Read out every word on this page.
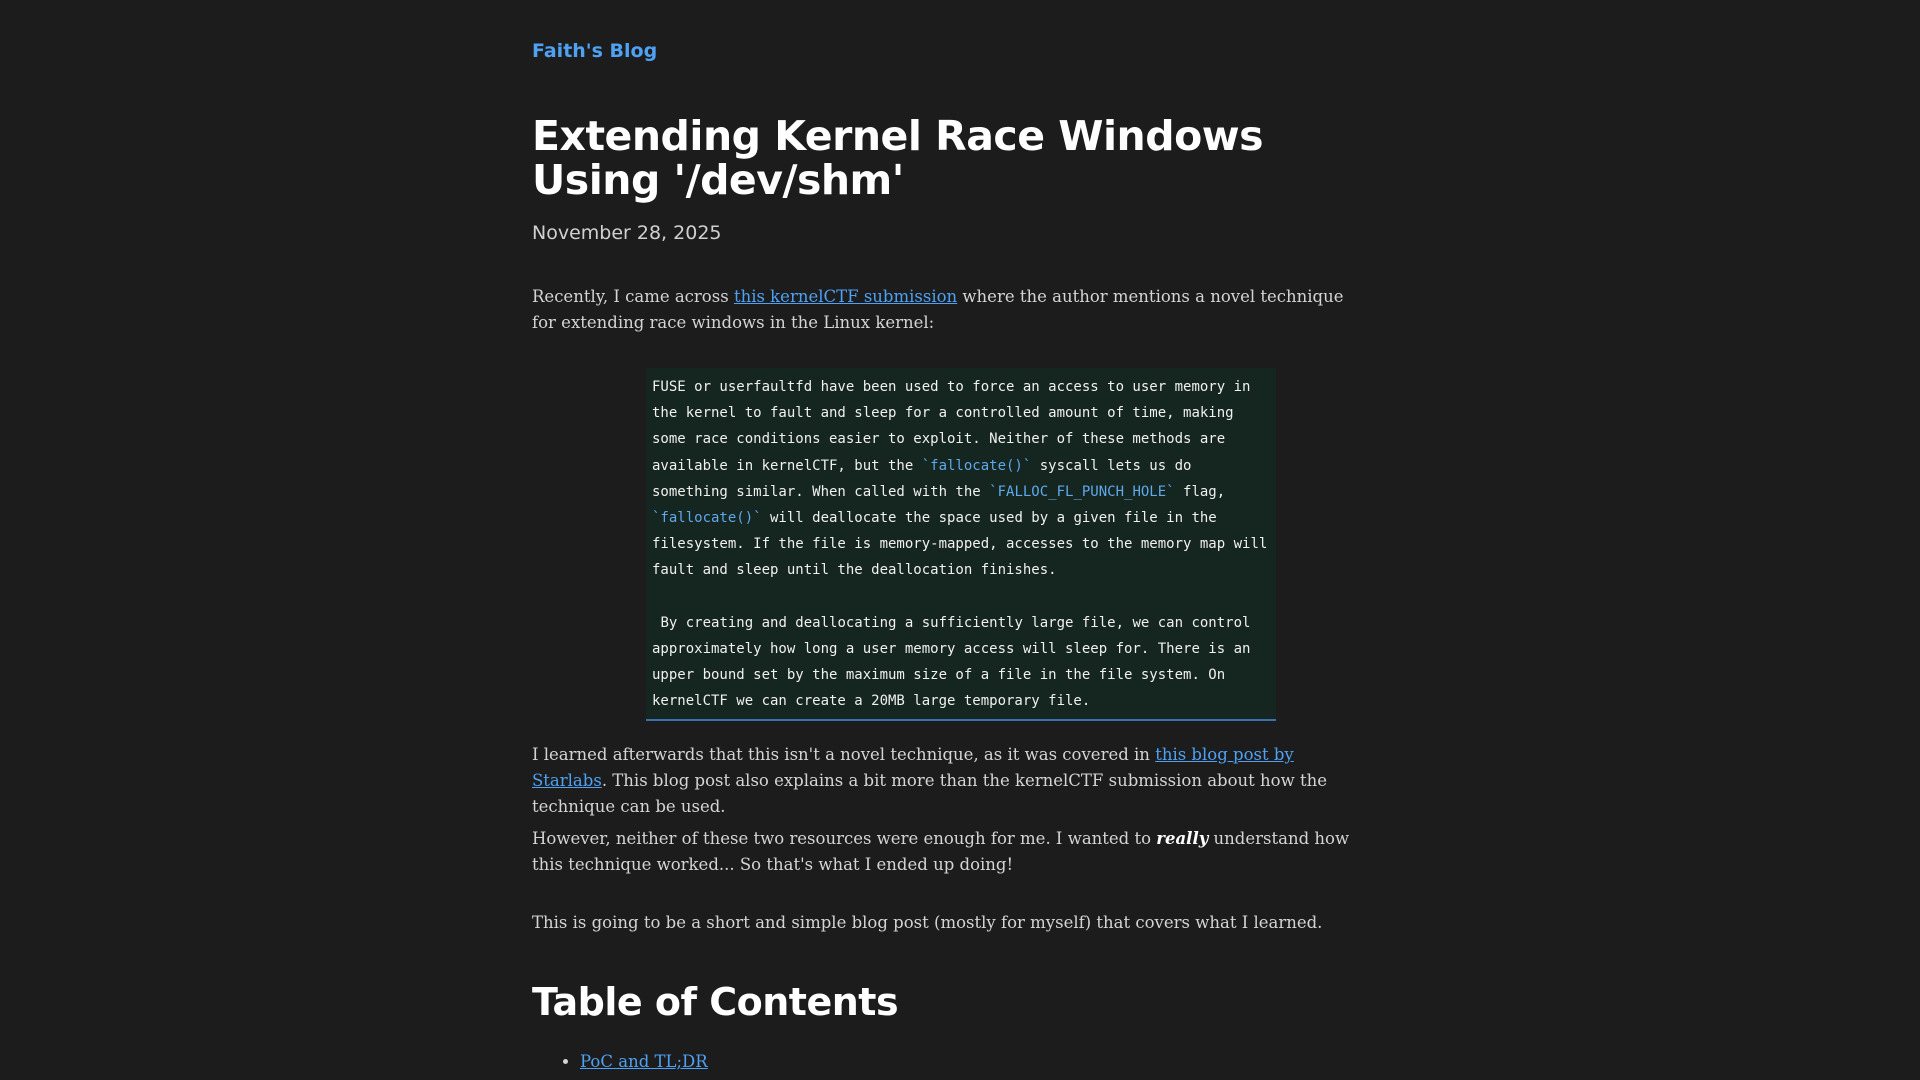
Faith's Blog
Extending Kernel Race Windows Using '/dev/shm'
November 28, 2025

Recently, I came across this kernelCTF submission where the author mentions a novel technique for extending race windows in the Linux kernel:

FUSE or userfaultfd have been used to force an access to user memory in the kernel to fault and sleep for a controlled amount of time, making some race conditions easier to exploit. Neither of these methods are available in kernelCTF, but the `fallocate()` syscall lets us do something similar. When called with the `FALLOC_FL_PUNCH_HOLE` flag,
`fallocate()` will deallocate the space used by a given file in the filesystem. If the file is memory-mapped, accesses to the memory map will fault and sleep until the deallocation finishes.

By creating and deallocating a sufficiently large file, we can control approximately how long a user memory access will sleep for. There is an upper bound set by the maximum size of a file in the file system. On kernelCTF we can create a 20MB large temporary file.

I learned afterwards that this isn't a novel technique, as it was covered in this blog post by Starlabs. This blog post also explains a bit more than the kernelCTF submission about how the technique can be used.

However, neither of these two resources were enough for me. I wanted to really understand how this technique worked... So that's what I ended up doing!

This is going to be a short and simple blog post (mostly for myself) that covers what I learned.

Table of Contents
• PoC and TL;DR
